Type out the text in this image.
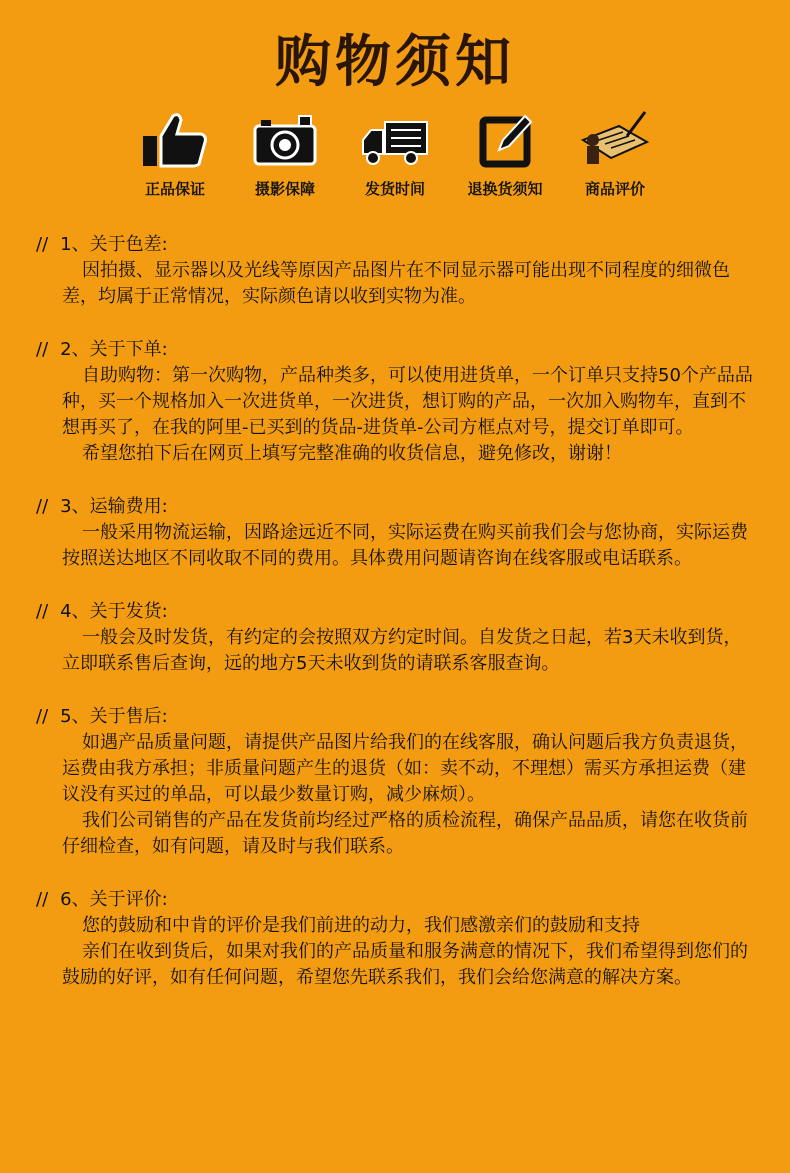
购物须知
正品保证	摄影保障	发货时间	退换货须知	商品评价
// 1、关于色差:

因拍摄、显示器以及光线等原因产品图片在不同显示器可能出现不同程度的细微色差，均属于正常情况，实际颜色请以收到实物为准。

// 2、关于下单:

自助购物：第一次购物，产品种类多，可以使用进货单，一个订单只支持50个产品品种，买一个规格加入一次进货单，一次进货，想订购的产品，一次加入购物车，直到不想再买了，在我的阿里-已买到的货品-进货单-公司方框点对号，提交订单即可。

希望您拍下后在网页上填写完整准确的收货信息，避免修改，谢谢！

// 3、运输费用:

一般采用物流运输，因路途远近不同，实际运费在购买前我们会与您协商，实际运费按照送达地区不同收取不同的费用。具体费用问题请咨询在线客服或电话联系。

// 4、关于发货:

一般会及时发货，有约定的会按照双方约定时间。自发货之日起，若3天未收到货，立即联系售后查询，远的地方5天未收到货的请联系客服查询。

// 5、关于售后:

如遇产品质量问题，请提供产品图片给我们的在线客服，确认问题后我方负责退货，运费由我方承担；非质量问题产生的退货（如：卖不动，不理想）需买方承担运费（建议没有买过的单品，可以最少数量订购，减少麻烦）。

我们公司销售的产品在发货前均经过严格的质检流程，确保产品品质，请您在收货前仔细检查，如有问题，请及时与我们联系。

// 6、关于评价:

您的鼓励和中肯的评价是我们前进的动力，我们感激亲们的鼓励和支持

亲们在收到货后，如果对我们的产品质量和服务满意的情况下，我们希望得到您们的鼓励的好评，如有任何问题，希望您先联系我们，我们会给您满意的解决方案。
